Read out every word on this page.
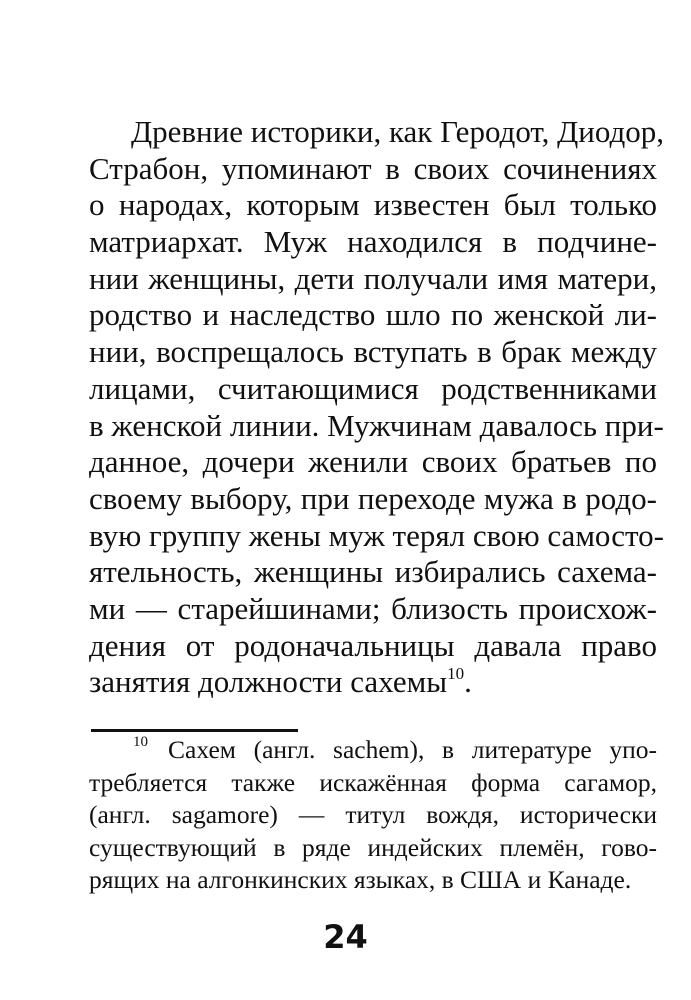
Древние историки, как Геродот, Диодор,
Страбон, упоминают в своих сочинениях
о народах, которым известен был только
матриархат. Муж находился в подчине-
нии женщины, дети получали имя матери,
родство и наследство шло по женской ли-
нии, воспрещалось вступать в брак между
лицами, считающимися родственниками
в женской линии. Мужчинам давалось при-
данное, дочери женили своих братьев по
своему выбору, при переходе мужа в родо-
вую группу жены муж терял свою самосто-
ятельность, женщины избирались сахема-
ми — старейшинами; близость происхож-
дения от родоначальницы давала право
занятия должности сахемы$^{10}$.
$^{10}$ Сахем (англ. sachem), в литературе упо-
требляется также искажённая форма сагамор,
(англ. sagamore) — титул вождя, исторически
существующий в ряде индейских племён, гово-
рящих на алгонкинских языках, в США и Канаде.
24
